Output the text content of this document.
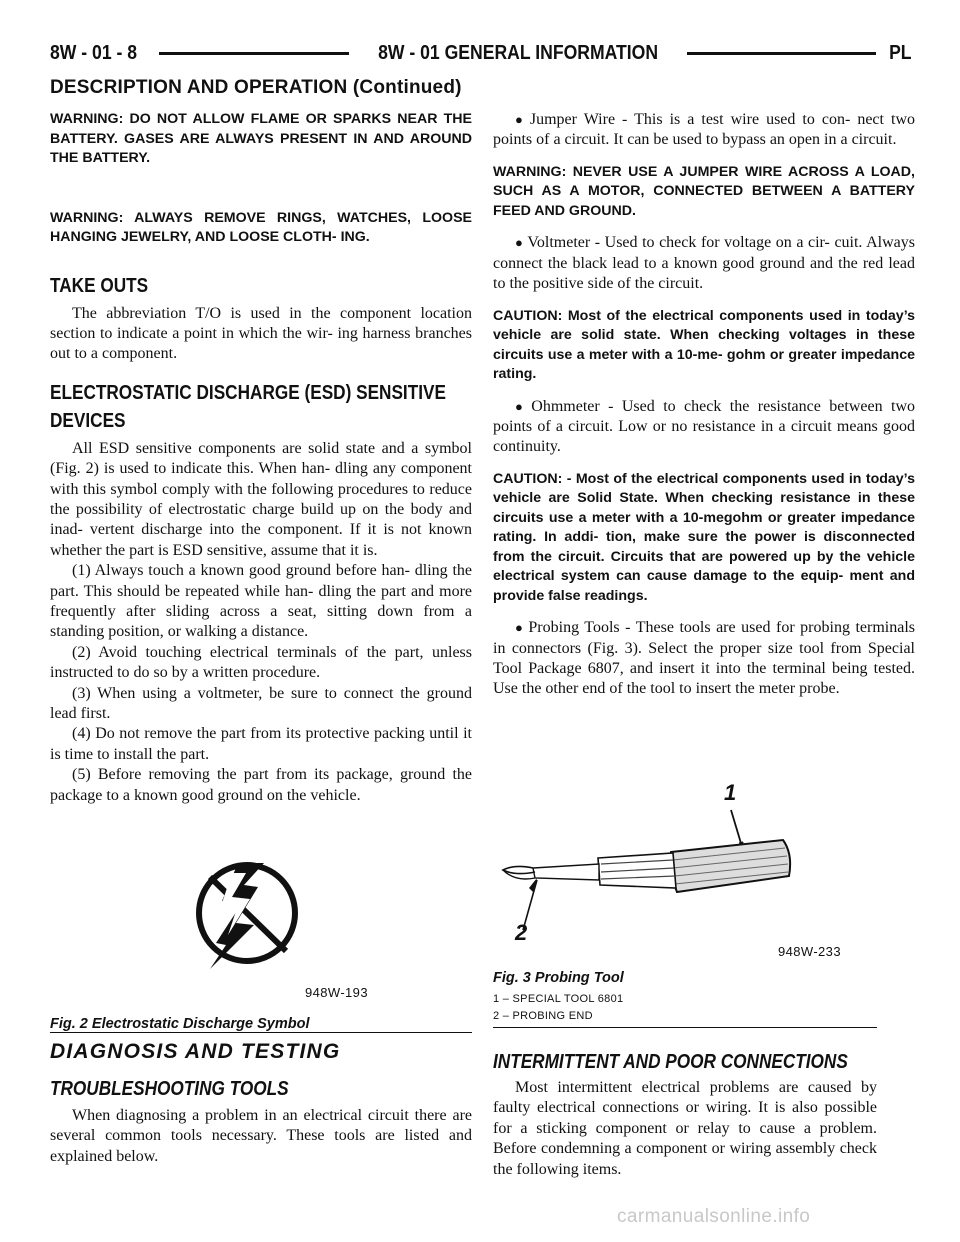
8W - 01 - 8	8W - 01 GENERAL INFORMATION	PL
DESCRIPTION AND OPERATION (Continued)

WARNING: DO NOT ALLOW FLAME OR SPARKS NEAR THE BATTERY. GASES ARE ALWAYS PRESENT IN AND AROUND THE BATTERY.

WARNING: ALWAYS REMOVE RINGS, WATCHES, LOOSE HANGING JEWELRY, AND LOOSE CLOTH- ING.

TAKE OUTS

The abbreviation T/O is used in the component location section to indicate a point in which the wir- ing harness branches out to a component.

ELECTROSTATIC DISCHARGE (ESD) SENSITIVE
DEVICES

All ESD sensitive components are solid state and a symbol (Fig. 2) is used to indicate this. When han- dling any component with this symbol comply with the following procedures to reduce the possibility of electrostatic charge build up on the body and inad- vertent discharge into the component. If it is not known whether the part is ESD sensitive, assume that it is.

(1) Always touch a known good ground before han- dling the part. This should be repeated while han- dling the part and more frequently after sliding across a seat, sitting down from a standing position, or walking a distance.

(2) Avoid touching electrical terminals of the part, unless instructed to do so by a written procedure.

(3) When using a voltmeter, be sure to connect the ground lead first.

(4) Do not remove the part from its protective packing until it is time to install the part.

(5) Before removing the part from its package, ground the package to a known good ground on the vehicle.

948W-193

Fig. 2 Electrostatic Discharge Symbol

DIAGNOSIS AND TESTING
TROUBLESHOOTING TOOLS

When diagnosing a problem in an electrical circuit there are several common tools necessary. These tools are listed and explained below.

● Jumper Wire - This is a test wire used to con- nect two points of a circuit. It can be used to bypass an open in a circuit.

WARNING: NEVER USE A JUMPER WIRE ACROSS A LOAD, SUCH AS A MOTOR, CONNECTED BETWEEN A BATTERY FEED AND GROUND.

● Voltmeter - Used to check for voltage on a cir- cuit. Always connect the black lead to a known good ground and the red lead to the positive side of the circuit.

CAUTION: Most of the electrical components used in today’s vehicle are solid state. When checking voltages in these circuits use a meter with a 10-me- gohm or greater impedance rating.

● Ohmmeter - Used to check the resistance between two points of a circuit. Low or no resistance in a circuit means good continuity.

CAUTION: - Most of the electrical components used in today’s vehicle are Solid State. When checking resistance in these circuits use a meter with a 10-megohm or greater impedance rating. In addi- tion, make sure the power is disconnected from the circuit. Circuits that are powered up by the vehicle electrical system can cause damage to the equip- ment and provide false readings.

● Probing Tools - These tools are used for probing terminals in connectors (Fig. 3). Select the proper size tool from Special Tool Package 6807, and insert it into the terminal being tested. Use the other end of the tool to insert the meter probe.

1
2
948W-233

Fig. 3 Probing Tool

1 – SPECIAL TOOL 6801

2 – PROBING END

INTERMITTENT AND POOR CONNECTIONS

Most intermittent electrical problems are caused by faulty electrical connections or wiring. It is also possible for a sticking component or relay to cause a problem. Before condemning a component or wiring assembly check the following items.

carmanualsonline.info
